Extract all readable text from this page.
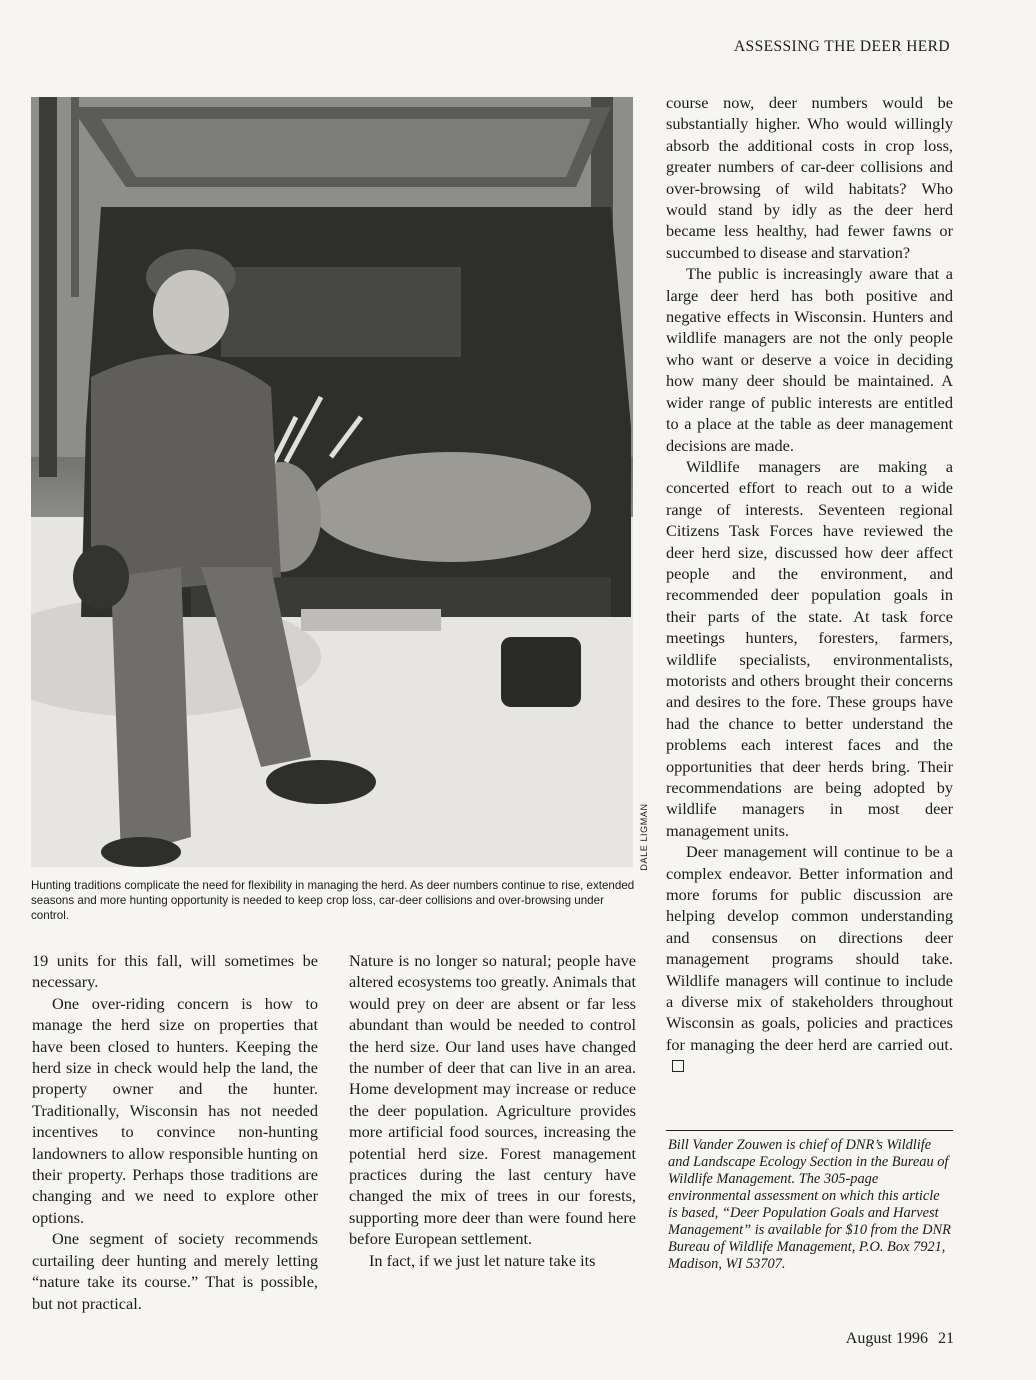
ASSESSING THE DEER HERD
DALE LIGMAN
Hunting traditions complicate the need for flexibility in managing the herd. As deer numbers continue to rise, extended seasons and more hunting opportunity is needed to keep crop loss, car-deer collisions and over-browsing under control.

19 units for this fall, will sometimes be necessary.

One over-riding concern is how to manage the herd size on properties that have been closed to hunters. Keeping the herd size in check would help the land, the property owner and the hunter. Traditionally, Wisconsin has not needed incentives to convince non-hunting landowners to allow responsible hunting on their property. Perhaps those traditions are changing and we need to explore other options.

One segment of society recommends curtailing deer hunting and merely letting “nature take its course.” That is possible, but not practical.

Nature is no longer so natural; people have altered ecosystems too greatly. Animals that would prey on deer are absent or far less abundant than would be needed to control the herd size. Our land uses have changed the number of deer that can live in an area. Home development may increase or reduce the deer population. Agriculture provides more artificial food sources, increasing the potential herd size. Forest management practices during the last century have changed the mix of trees in our forests, supporting more deer than were found here before European settlement.

In fact, if we just let nature take its

course now, deer numbers would be substantially higher. Who would willingly absorb the additional costs in crop loss, greater numbers of car-deer collisions and over-browsing of wild habitats? Who would stand by idly as the deer herd became less healthy, had fewer fawns or succumbed to disease and starvation?

The public is increasingly aware that a large deer herd has both positive and negative effects in Wisconsin. Hunters and wildlife managers are not the only people who want or deserve a voice in deciding how many deer should be maintained. A wider range of public interests are entitled to a place at the table as deer management decisions are made.

Wildlife managers are making a concerted effort to reach out to a wide range of interests. Seventeen regional Citizens Task Forces have reviewed the deer herd size, discussed how deer affect people and the environment, and recommended deer population goals in their parts of the state. At task force meetings hunters, foresters, farmers, wildlife specialists, environmentalists, motorists and others brought their concerns and desires to the fore. These groups have had the chance to better understand the problems each interest faces and the opportunities that deer herds bring. Their recommendations are being adopted by wildlife managers in most deer management units.

Deer management will continue to be a complex endeavor. Better information and more forums for public discussion are helping develop common understanding and consensus on directions deer management programs should take. Wildlife managers will continue to include a diverse mix of stakeholders throughout Wisconsin as goals, policies and practices for managing the deer herd are carried out.

Bill Vander Zouwen is chief of DNR’s Wildlife and Landscape Ecology Section in the Bureau of Wildlife Management. The 305-page environmental assessment on which this article is based, “Deer Population Goals and Harvest Management” is available for $10 from the DNR Bureau of Wildlife Management, P.O. Box 7921, Madison, WI 53707.
August 1996 21
